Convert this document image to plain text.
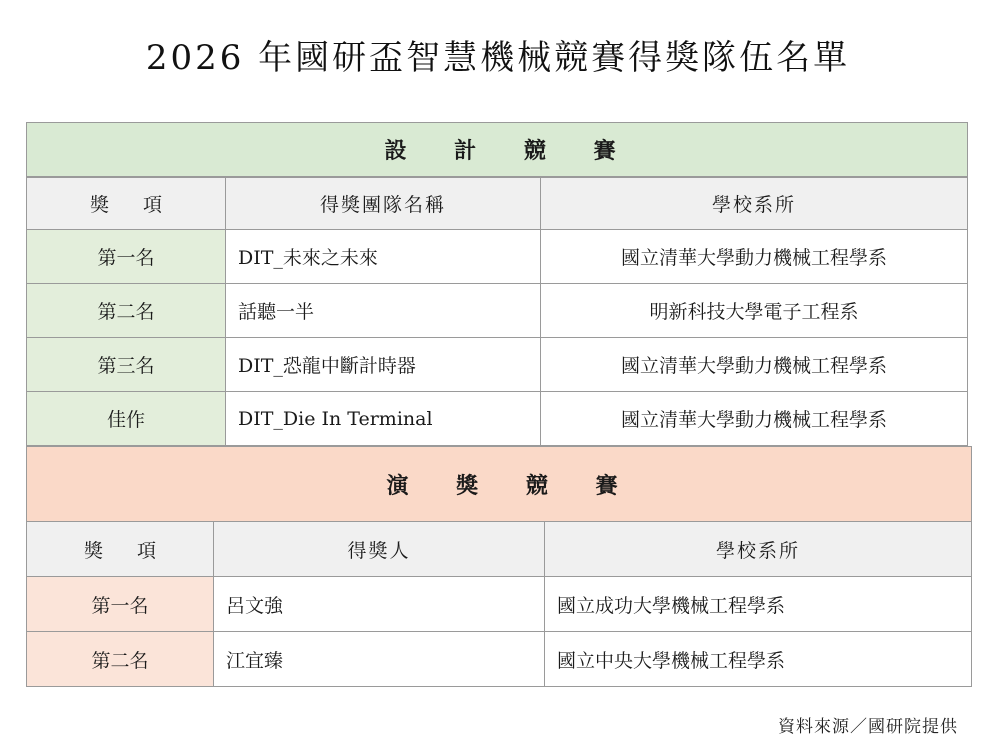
2026 年國研盃智慧機械競賽得獎隊伍名單
設 計 競 賽
獎 項	得獎團隊名稱	學校系所
第一名	DIT_未來之未來	國立清華大學動力機械工程學系
第二名	話聽一半	明新科技大學電子工程系
第三名	DIT_恐龍中斷計時器	國立清華大學動力機械工程學系
佳作	DIT_Die In Terminal	國立清華大學動力機械工程學系
演 獎 競 賽
獎 項	得獎人	學校系所
第一名	呂文強	國立成功大學機械工程學系
第二名	江宜臻	國立中央大學機械工程學系
資料來源／國研院提供
